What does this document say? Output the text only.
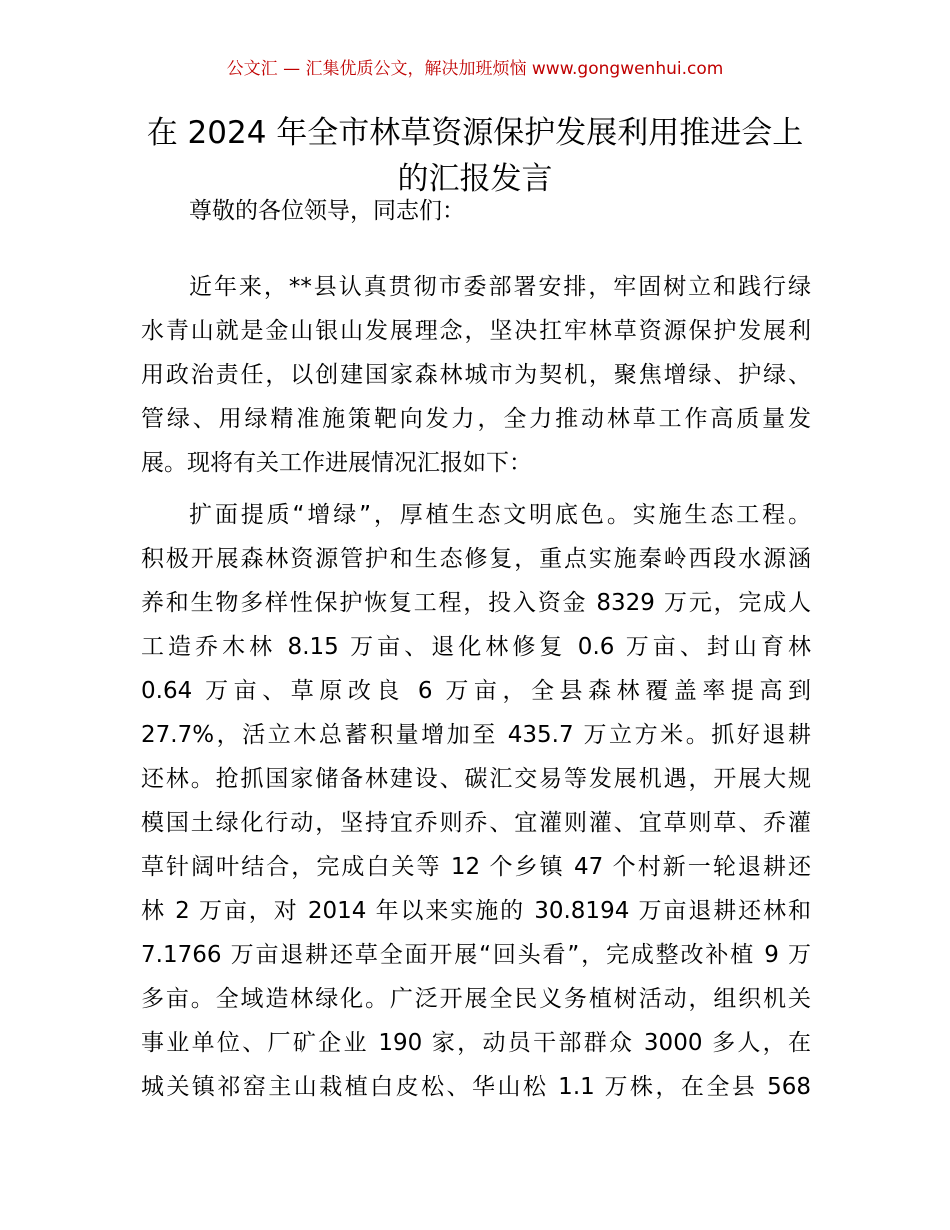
公文汇 — 汇集优质公文，解决加班烦恼 www.gongwenhui.com
在 2024 年全市林草资源保护发展利用推进会上
的汇报发言
尊敬的各位领导，同志们：
近年来，**县认真贯彻市委部署安排，牢固树立和践行绿
水青山就是金山银山发展理念，坚决扛牢林草资源保护发展利
用政治责任，以创建国家森林城市为契机，聚焦增绿、护绿、
管绿、用绿精准施策靶向发力，全力推动林草工作高质量发
展。现将有关工作进展情况汇报如下：
扩面提质“增绿”，厚植生态文明底色。实施生态工程。
积极开展森林资源管护和生态修复，重点实施秦岭西段水源涵
养和生物多样性保护恢复工程，投入资金 8329 万元，完成人
工造乔木林 8.15 万亩、退化林修复 0.6 万亩、封山育林
0.64 万亩、草原改良 6 万亩，全县森林覆盖率提高到
27.7%，活立木总蓄积量增加至 435.7 万立方米。抓好退耕
还林。抢抓国家储备林建设、碳汇交易等发展机遇，开展大规
模国土绿化行动，坚持宜乔则乔、宜灌则灌、宜草则草、乔灌
草针阔叶结合，完成白关等 12 个乡镇 47 个村新一轮退耕还
林 2 万亩，对 2014 年以来实施的 30.8194 万亩退耕还林和
7.1766 万亩退耕还草全面开展“回头看”，完成整改补植 9 万
多亩。全域造林绿化。广泛开展全民义务植树活动，组织机关
事业单位、厂矿企业 190 家，动员干部群众 3000 多人，在
城关镇祁窑主山栽植白皮松、华山松 1.1 万株，在全县 568
